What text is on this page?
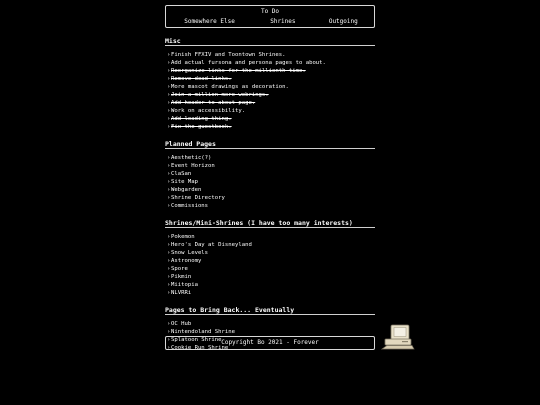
To Do
Somewhere Else	Shrines	Outgoing
Misc
›Finish FFXIV and Toontown Shrines.
›Add actual fursona and persona pages to about.
›Reorganize links for the millionth time.
›Remove dead links.
›More mascot drawings as decoration.
›Join a million more webrings.
›Add header to about page.
›Work on accessibility.
›Add loading thing.
›Fix the guestbook.
Planned Pages
›Aesthetic(?)
›Event Horizon
›ClaSan
›Site Map
›Webgarden
›Shrine Directory
›Commissions
Shrines/Mini-Shrines (I have too many interests)
›Pokemon
›Hero's Day at Disneyland
›Snow Levels
›Astronomy
›Spore
›Pikmin
›Miitopia
›NLVRRi
Pages to Bring Back... Eventually
›OC Hub
›Nintendoland Shrine
›Splatoon Shrine
›Cookie Run Shrine
Copyright Bo 2021 - Forever
